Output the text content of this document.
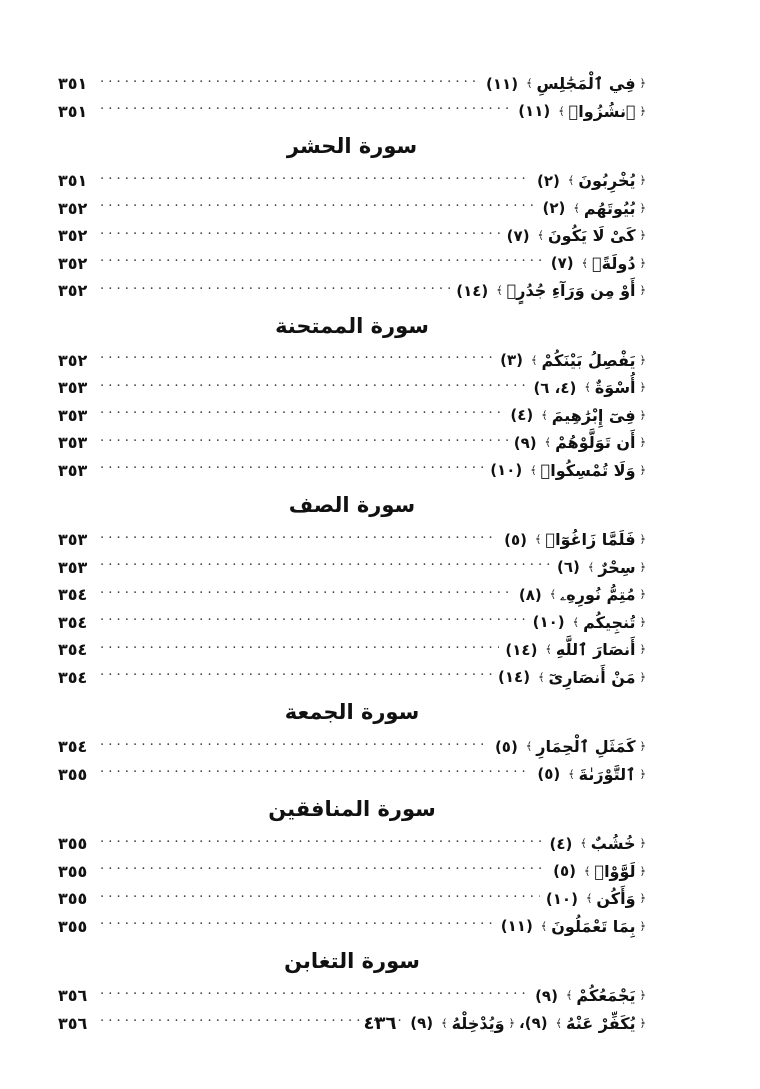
﴿
فِي ٱلْمَجَٰلِسِ
﴾
(١١)
. . .
٣٥١
﴿
ٱنشُزُوا۟
﴾
(١١)
. . .
٣٥١
سورة الحشر
﴿
يُخْرِبُونَ
﴾
(٢)
. . .
٣٥١
﴿
بُيُوتَهُم
﴾
(٢)
. . .
٣٥٢
﴿
كَىْ لَا يَكُونَ
﴾
(٧)
. . .
٣٥٢
﴿
دُولَةًۢ
﴾
(٧)
. . .
٣٥٢
﴿
أَوْ مِن وَرَآءِ جُدُرٍۭ
﴾
(١٤)
. . .
٣٥٢
سورة الممتحنة
﴿
يَفْصِلُ بَيْنَكُمْ
﴾
(٣)
. . .
٣٥٢
﴿
أُسْوَةٌ
﴾
(٤، ٦)
. . .
٣٥٣
﴿
فِىٓ إِبْرَٰهِيمَ
﴾
(٤)
. . .
٣٥٣
﴿
أَن تَوَلَّوْهُمْ
﴾
(٩)
. . .
٣٥٣
﴿
وَلَا تُمْسِكُوا۟
﴾
(١٠)
. . .
٣٥٣
سورة الصف
﴿
فَلَمَّا زَاغُوٓا۟
﴾
(٥)
. . .
٣٥٣
﴿
سِحْرٌ
﴾
(٦)
. . .
٣٥٣
﴿
مُتِمُّ نُورِهِۦ
﴾
(٨)
. . .
٣٥٤
﴿
تُنجِيكُم
﴾
(١٠)
. . .
٣٥٤
﴿
أَنصَارَ ٱللَّهِ
﴾
(١٤)
. . .
٣٥٤
﴿
مَنْ أَنصَارِىٓ
﴾
(١٤)
. . .
٣٥٤
سورة الجمعة
﴿
كَمَثَلِ ٱلْحِمَارِ
﴾
(٥)
. . .
٣٥٤
﴿
ٱلتَّوْرَىٰةَ
﴾
(٥)
. . .
٣٥٥
سورة المنافقين
﴿
خُشُبٌ
﴾
(٤)
. . .
٣٥٥
﴿
لَوَّوْا۟
﴾
(٥)
. . .
٣٥٥
﴿
وَأَكُن
﴾
(١٠)
. . .
٣٥٥
﴿
بِمَا تَعْمَلُونَ
﴾
(١١)
. . .
٣٥٥
سورة التغابن
﴿
يَجْمَعُكُمْ
﴾
(٩)
. . .
٣٥٦
﴿
يُكَفِّرْ عَنْهُ
﴾
(٩)،
﴿
وَيُدْخِلْهُ
﴾
(٩)
. . .
٣٥٦	٤٣٦
